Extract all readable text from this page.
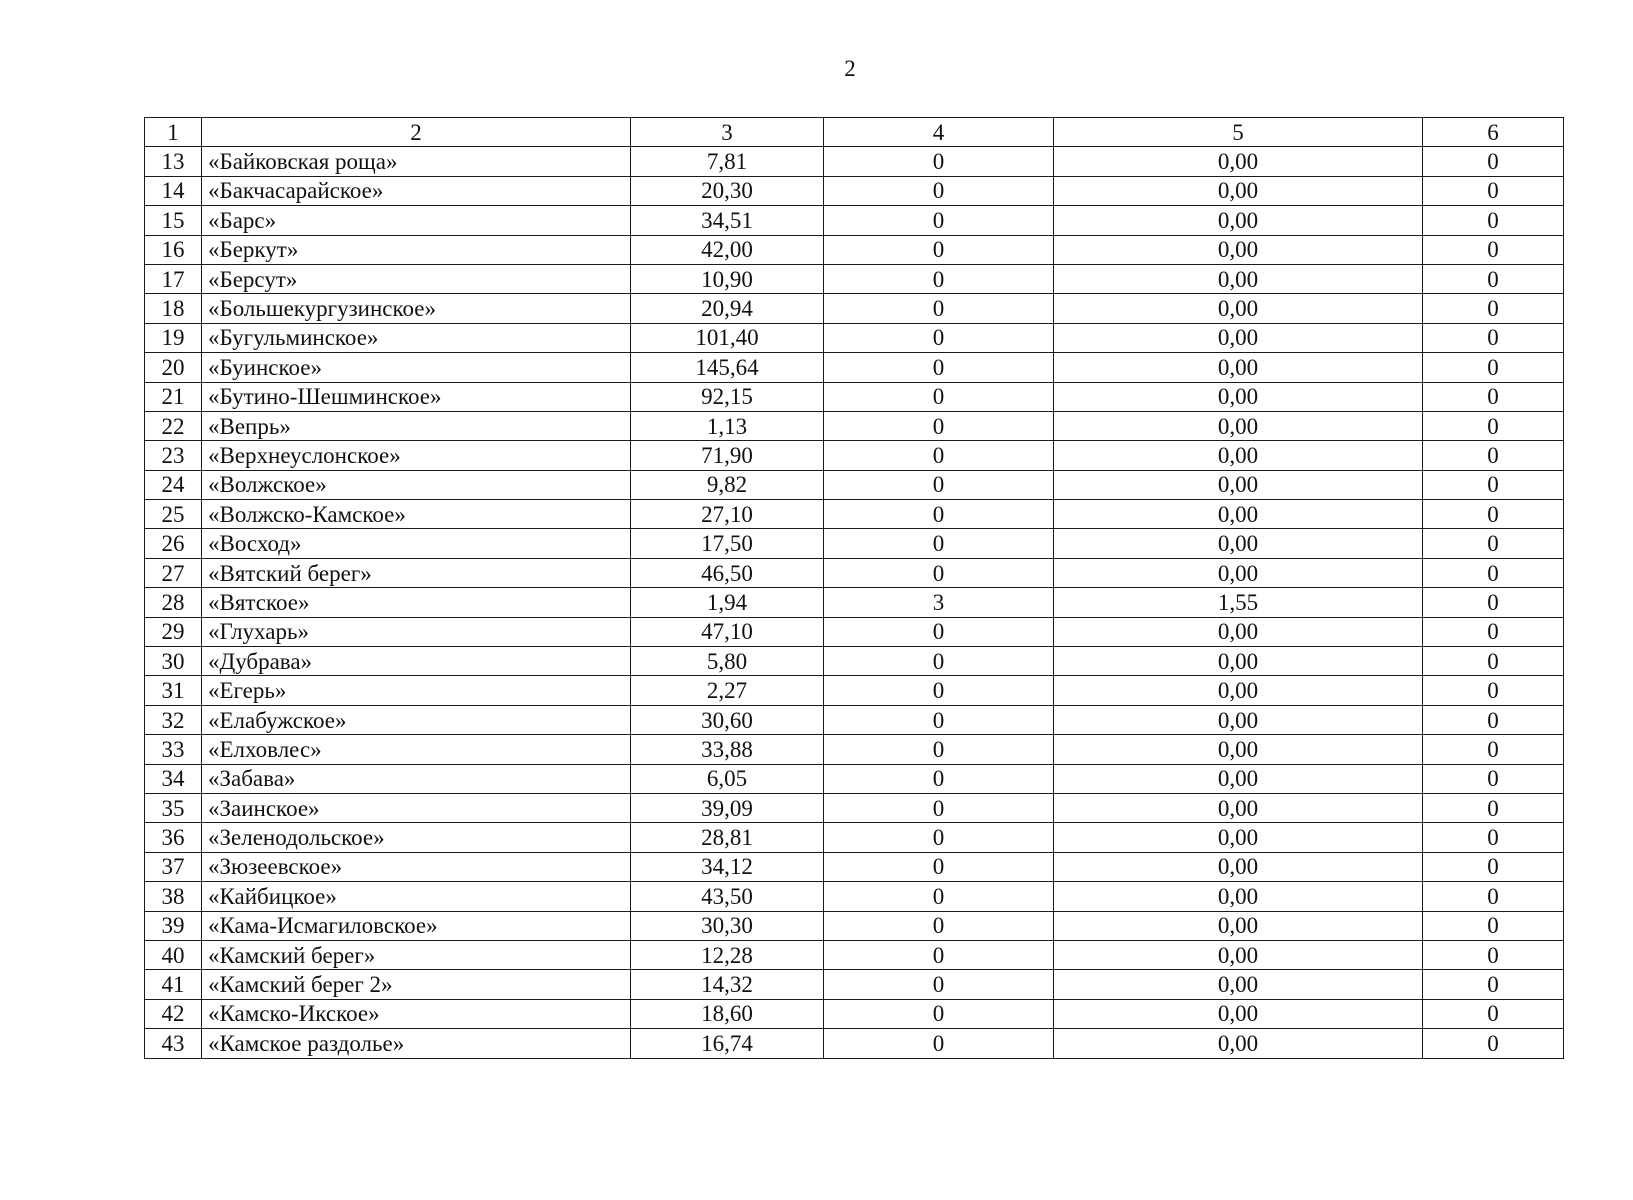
2
1	2	3	4	5	6
13	«Байковская роща»	7,81	0	0,00	0
14	«Бакчасарайское»	20,30	0	0,00	0
15	«Барс»	34,51	0	0,00	0
16	«Беркут»	42,00	0	0,00	0
17	«Берсут»	10,90	0	0,00	0
18	«Большекургузинское»	20,94	0	0,00	0
19	«Бугульминское»	101,40	0	0,00	0
20	«Буинское»	145,64	0	0,00	0
21	«Бутино-Шешминское»	92,15	0	0,00	0
22	«Вепрь»	1,13	0	0,00	0
23	«Верхнеуслонское»	71,90	0	0,00	0
24	«Волжское»	9,82	0	0,00	0
25	«Волжско-Камское»	27,10	0	0,00	0
26	«Восход»	17,50	0	0,00	0
27	«Вятский берег»	46,50	0	0,00	0
28	«Вятское»	1,94	3	1,55	0
29	«Глухарь»	47,10	0	0,00	0
30	«Дубрава»	5,80	0	0,00	0
31	«Егерь»	2,27	0	0,00	0
32	«Елабужское»	30,60	0	0,00	0
33	«Елховлес»	33,88	0	0,00	0
34	«Забава»	6,05	0	0,00	0
35	«Заинское»	39,09	0	0,00	0
36	«Зеленодольское»	28,81	0	0,00	0
37	«Зюзеевское»	34,12	0	0,00	0
38	«Кайбицкое»	43,50	0	0,00	0
39	«Кама-Исмагиловское»	30,30	0	0,00	0
40	«Камский берег»	12,28	0	0,00	0
41	«Камский берег 2»	14,32	0	0,00	0
42	«Камско-Икское»	18,60	0	0,00	0
43	«Камское раздолье»	16,74	0	0,00	0
